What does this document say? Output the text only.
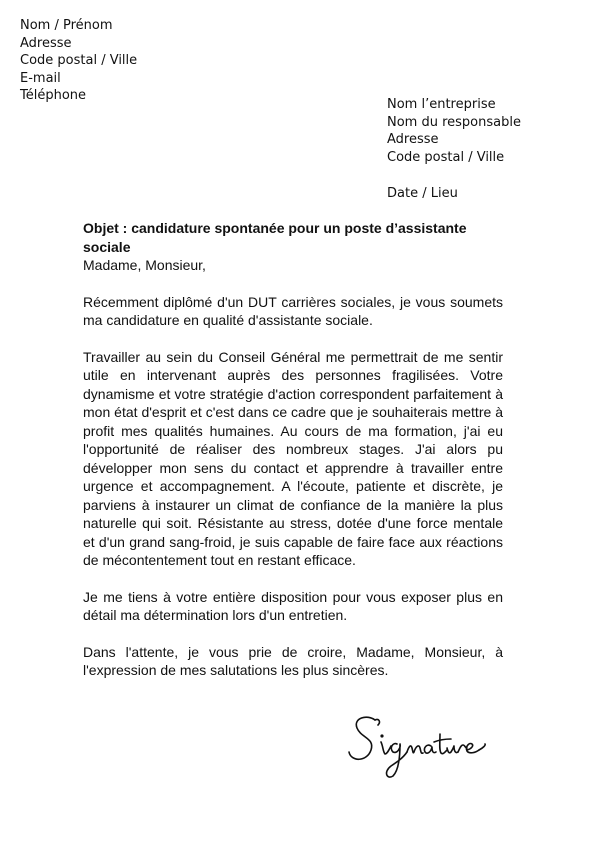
Nom / Prénom
Adresse
Code postal / Ville
E-mail
Téléphone
Nom l’entreprise
Nom du responsable
Adresse
Code postal / Ville
Date / Lieu

Objet : candidature spontanée pour un poste d’assistante sociale

Madame, Monsieur,

Récemment diplômé d'un DUT carrières sociales, je vous soumets ma candidature en qualité d'assistante sociale.

Travailler au sein du Conseil Général me permettrait de me sentir utile en intervenant auprès des personnes fragilisées. Votre dynamisme et votre stratégie d'action correspondent parfaitement à mon état d'esprit et c'est dans ce cadre que je souhaiterais mettre à profit mes qualités humaines. Au cours de ma formation, j'ai eu l'opportunité de réaliser des nombreux stages. J'ai alors pu développer mon sens du contact et apprendre à travailler entre urgence et accompagnement. A l'écoute, patiente et discrète, je parviens à instaurer un climat de confiance de la manière la plus naturelle qui soit. Résistante au stress, dotée d'une force mentale et d'un grand sang-froid, je suis capable de faire face aux réactions de mécontentement tout en restant efficace.

Je me tiens à votre entière disposition pour vous exposer plus en détail ma détermination lors d'un entretien.

Dans l'attente, je vous prie de croire, Madame, Monsieur, à l'expression de mes salutations les plus sincères.
